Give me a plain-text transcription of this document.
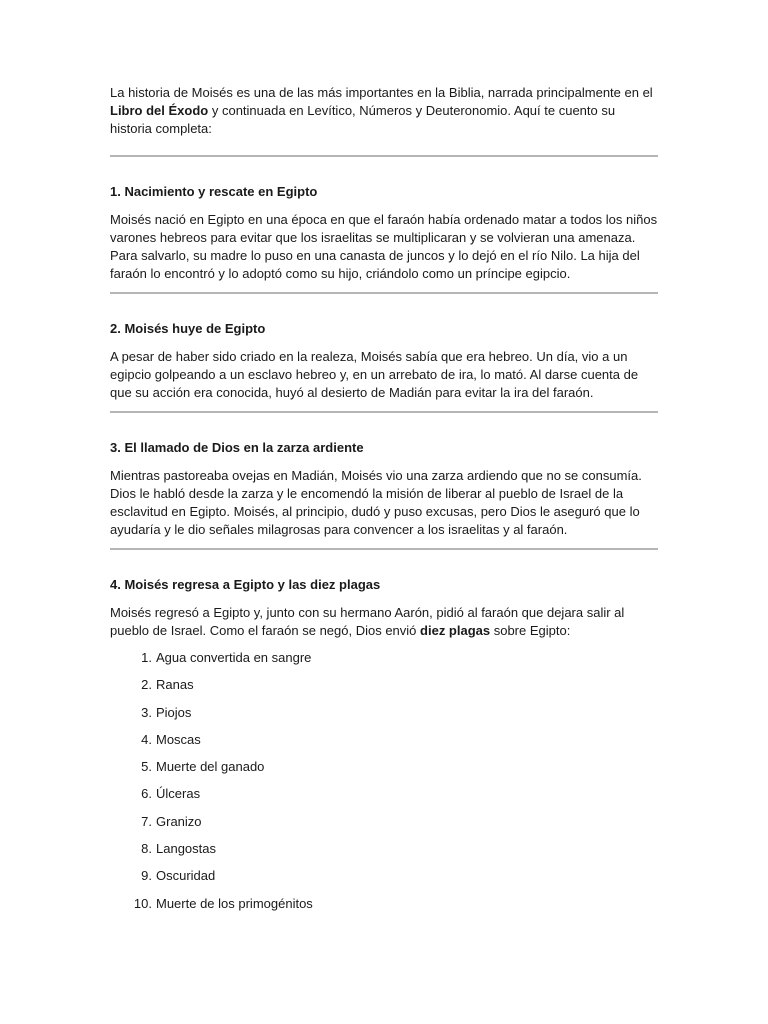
La historia de Moisés es una de las más importantes en la Biblia, narrada principalmente en el Libro del Éxodo y continuada en Levítico, Números y Deuteronomio. Aquí te cuento su historia completa:

1. Nacimiento y rescate en Egipto

Moisés nació en Egipto en una época en que el faraón había ordenado matar a todos los niños varones hebreos para evitar que los israelitas se multiplicaran y se volvieran una amenaza. Para salvarlo, su madre lo puso en una canasta de juncos y lo dejó en el río Nilo. La hija del faraón lo encontró y lo adoptó como su hijo, criándolo como un príncipe egipcio.

2. Moisés huye de Egipto

A pesar de haber sido criado en la realeza, Moisés sabía que era hebreo. Un día, vio a un egipcio golpeando a un esclavo hebreo y, en un arrebato de ira, lo mató. Al darse cuenta de que su acción era conocida, huyó al desierto de Madián para evitar la ira del faraón.

3. El llamado de Dios en la zarza ardiente

Mientras pastoreaba ovejas en Madián, Moisés vio una zarza ardiendo que no se consumía. Dios le habló desde la zarza y le encomendó la misión de liberar al pueblo de Israel de la esclavitud en Egipto. Moisés, al principio, dudó y puso excusas, pero Dios le aseguró que lo ayudaría y le dio señales milagrosas para convencer a los israelitas y al faraón.

4. Moisés regresa a Egipto y las diez plagas

Moisés regresó a Egipto y, junto con su hermano Aarón, pidió al faraón que dejara salir al pueblo de Israel. Como el faraón se negó, Dios envió diez plagas sobre Egipto:

1. Agua convertida en sangre
2. Ranas
3. Piojos
4. Moscas
5. Muerte del ganado
6. Úlceras
7. Granizo
8. Langostas
9. Oscuridad
10. Muerte de los primogénitos
